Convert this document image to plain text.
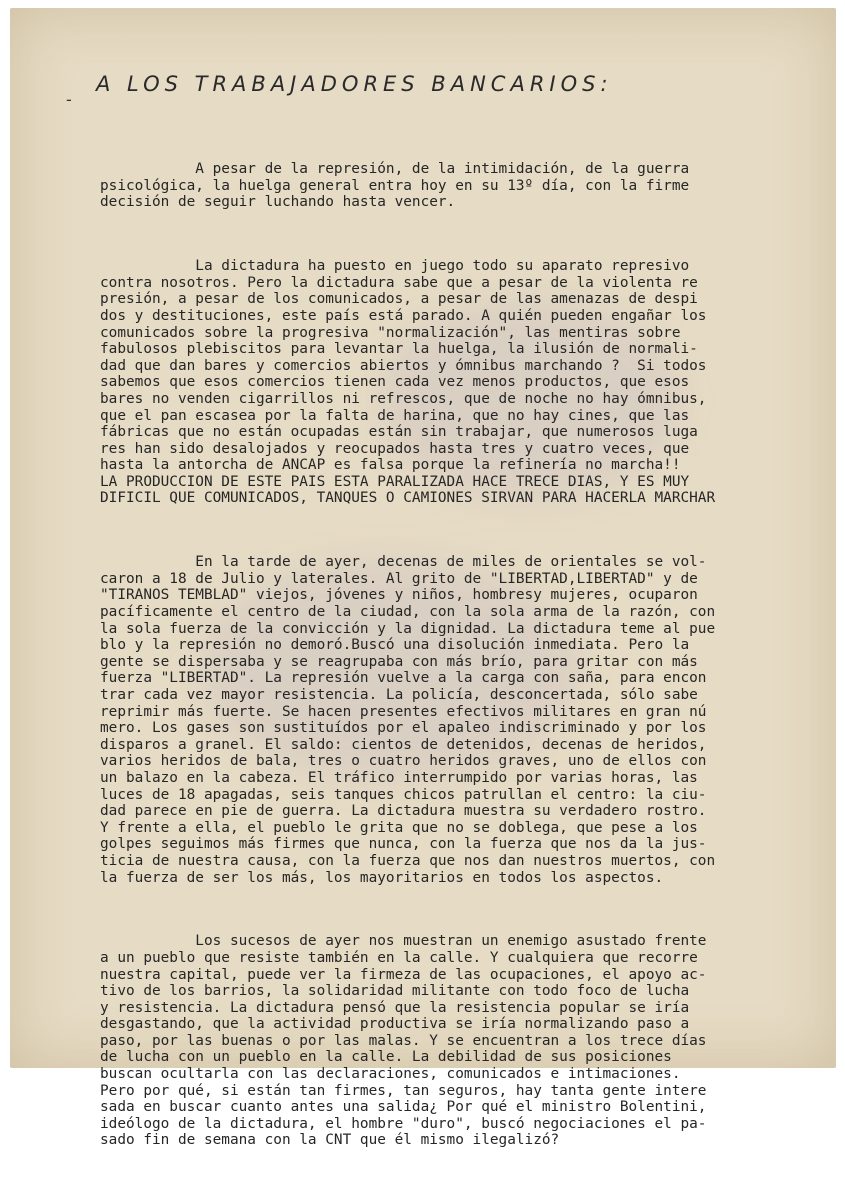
-
A LOS TRABAJADORES BANCARIOS:

A pesar de la represión, de la intimidación, de la guerra
psicológica, la huelga general entra hoy en su 13º día, con la firme
decisión de seguir luchando hasta vencer.

La dictadura ha puesto en juego todo su aparato represivo
contra nosotros. Pero la dictadura sabe que a pesar de la violenta re
presión, a pesar de los comunicados, a pesar de las amenazas de despi
dos y destituciones, este país está parado. A quién pueden engañar los
comunicados sobre la progresiva "normalización", las mentiras sobre
fabulosos plebiscitos para levantar la huelga, la ilusión de normali-
dad que dan bares y comercios abiertos y ómnibus marchando ?  Si todos
sabemos que esos comercios tienen cada vez menos productos, que esos
bares no venden cigarrillos ni refrescos, que de noche no hay ómnibus,
que el pan escasea por la falta de harina, que no hay cines, que las
fábricas que no están ocupadas están sin trabajar, que numerosos luga
res han sido desalojados y reocupados hasta tres y cuatro veces, que
hasta la antorcha de ANCAP es falsa porque la refinería no marcha!!
LA PRODUCCION DE ESTE PAIS ESTA PARALIZADA HACE TRECE DIAS, Y ES MUY
DIFICIL QUE COMUNICADOS, TANQUES O CAMIONES SIRVAN PARA HACERLA MARCHAR

En la tarde de ayer, decenas de miles de orientales se vol-
caron a 18 de Julio y laterales. Al grito de "LIBERTAD,LIBERTAD" y de
"TIRANOS TEMBLAD" viejos, jóvenes y niños, hombresy mujeres, ocuparon
pacíficamente el centro de la ciudad, con la sola arma de la razón, con
la sola fuerza de la convicción y la dignidad. La dictadura teme al pue
blo y la represión no demoró.Buscó una disolución inmediata. Pero la
gente se dispersaba y se reagrupaba con más brío, para gritar con más
fuerza "LIBERTAD". La represión vuelve a la carga con saña, para encon
trar cada vez mayor resistencia. La policía, desconcertada, sólo sabe
reprimir más fuerte. Se hacen presentes efectivos militares en gran nú
mero. Los gases son sustituídos por el apaleo indiscriminado y por los
disparos a granel. El saldo: cientos de detenidos, decenas de heridos,
varios heridos de bala, tres o cuatro heridos graves, uno de ellos con
un balazo en la cabeza. El tráfico interrumpido por varias horas, las
luces de 18 apagadas, seis tanques chicos patrullan el centro: la ciu-
dad parece en pie de guerra. La dictadura muestra su verdadero rostro.
Y frente a ella, el pueblo le grita que no se doblega, que pese a los
golpes seguimos más firmes que nunca, con la fuerza que nos da la jus-
ticia de nuestra causa, con la fuerza que nos dan nuestros muertos, con
la fuerza de ser los más, los mayoritarios en todos los aspectos.

Los sucesos de ayer nos muestran un enemigo asustado frente
a un pueblo que resiste también en la calle. Y cualquiera que recorre
nuestra capital, puede ver la firmeza de las ocupaciones, el apoyo ac-
tivo de los barrios, la solidaridad militante con todo foco de lucha
y resistencia. La dictadura pensó que la resistencia popular se iría
desgastando, que la actividad productiva se iría normalizando paso a
paso, por las buenas o por las malas. Y se encuentran a los trece días
de lucha con un pueblo en la calle. La debilidad de sus posiciones
buscan ocultarla con las declaraciones, comunicados e intimaciones.
Pero por qué, si están tan firmes, tan seguros, hay tanta gente intere
sada en buscar cuanto antes una salida¿ Por qué el ministro Bolentini,
ideólogo de la dictadura, el hombre "duro", buscó negociaciones el pa-
sado fin de semana con la CNT que él mismo ilegalizó?
